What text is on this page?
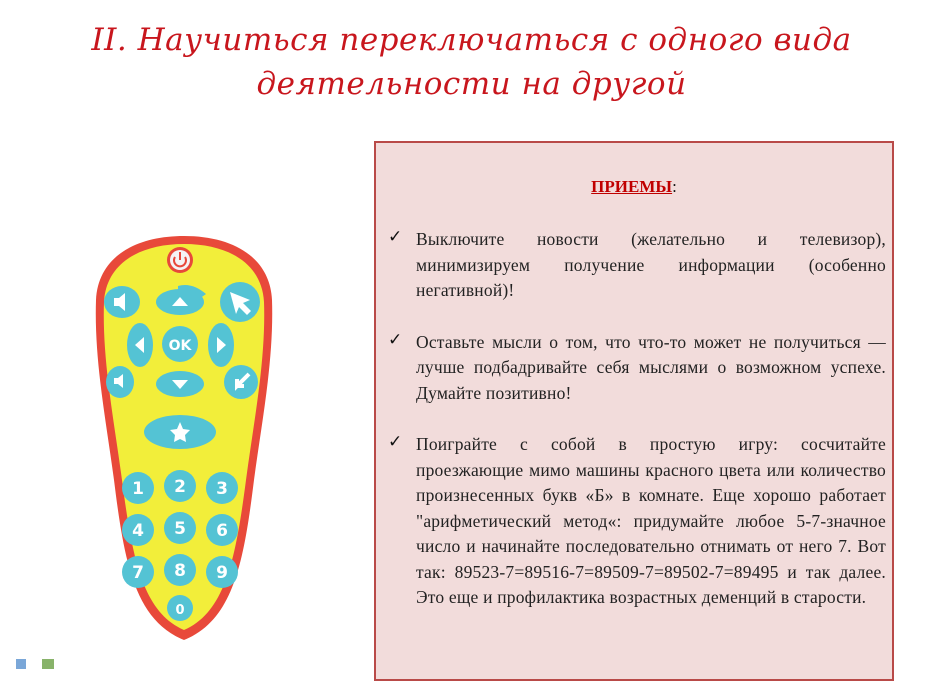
II. Научиться переключаться с одного вида
деятельности на другой
OK
1 2 3
4 5 6
7 8 9
0
ПРИЕМЫ:
✓ Выключите новости (желательно и телевизор), минимизируем получение информации (особенно негативной)!
✓ Оставьте мысли о том, что что-то может не получиться — лучше подбадривайте себя мыслями о возможном успехе. Думайте позитивно!
✓ Поиграйте с собой в простую игру: сосчитайте проезжающие мимо машины красного цвета или количество произнесенных букв «Б» в комнате. Еще хорошо работает "арифметический метод«: придумайте любое 5-7-значное число и начинайте последовательно отнимать от него 7. Вот так: 89523-7=89516-7=89509-7=89502-7=89495 и так далее. Это еще и профилактика возрастных деменций в старости.
